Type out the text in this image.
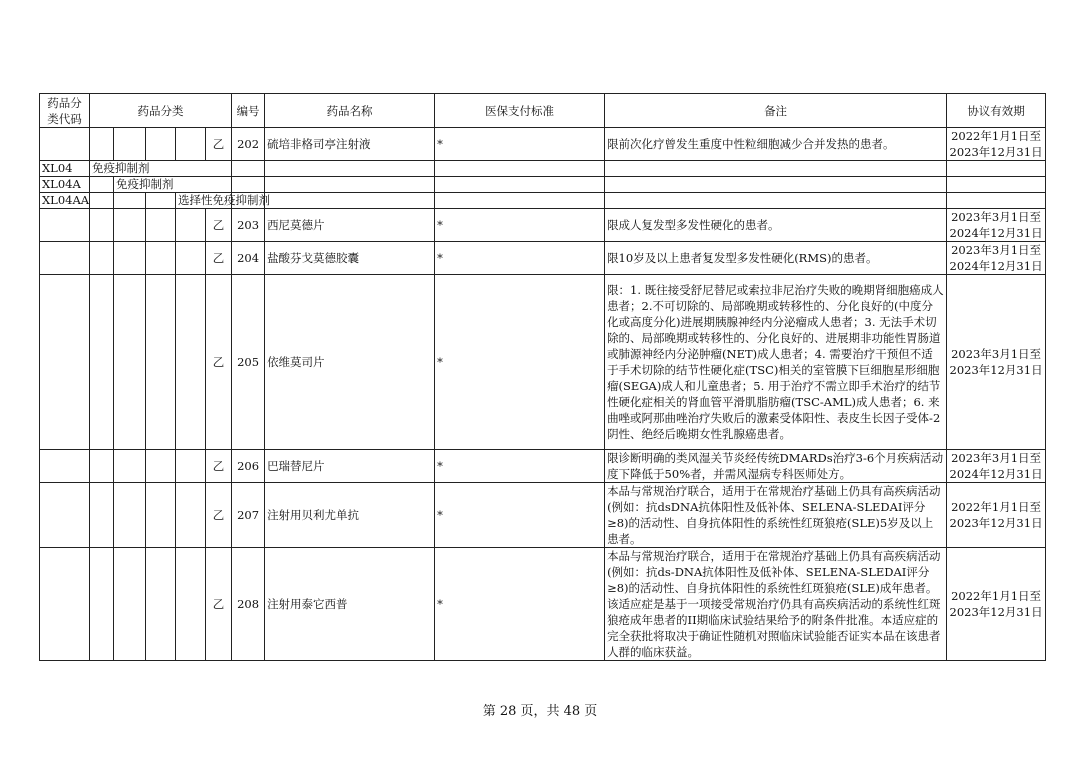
药品分类代码	药品分类					编号	药品名称	医保支付标准	备注	协议有效期
					乙	202	硫培非格司亭注射液	*	限前次化疗曾发生重度中性粒细胞减少合并发热的患者。	2022年1月1日至
2023年12月31日
XL04	免疫抑制剂									
XL04A		免疫抑制剂								
XL04AA				选择性免疫抑制剂						
					乙	203	西尼莫德片	*	限成人复发型多发性硬化的患者。	2023年3月1日至
2024年12月31日
					乙	204	盐酸芬戈莫德胶囊	*	限10岁及以上患者复发型多发性硬化(RMS)的患者。	2023年3月1日至
2024年12月31日
					乙	205	依维莫司片	*	限：1. 既往接受舒尼替尼或索拉非尼治疗失败的晚期肾细胞癌成人患者；2.不可切除的、局部晚期或转移性的、分化良好的(中度分化或高度分化)进展期胰腺神经内分泌瘤成人患者；3. 无法手术切除的、局部晚期或转移性的、分化良好的、进展期非功能性胃肠道或肺源神经内分泌肿瘤(NET)成人患者；4. 需要治疗干预但不适于手术切除的结节性硬化症(TSC)相关的室管膜下巨细胞星形细胞瘤(SEGA)成人和儿童患者；5. 用于治疗不需立即手术治疗的结节性硬化症相关的肾血管平滑肌脂肪瘤(TSC-AML)成人患者；6. 来曲唑或阿那曲唑治疗失败后的激素受体阳性、表皮生长因子受体-2阴性、绝经后晚期女性乳腺癌患者。	2023年3月1日至
2023年12月31日
					乙	206	巴瑞替尼片	*	限诊断明确的类风湿关节炎经传统DMARDs治疗3-6个月疾病活动度下降低于50%者，并需风湿病专科医师处方。	2023年3月1日至
2024年12月31日
					乙	207	注射用贝利尤单抗	*	本品与常规治疗联合，适用于在常规治疗基础上仍具有高疾病活动(例如：抗dsDNA抗体阳性及低补体、SELENA-SLEDAI评分≥8)的活动性、自身抗体阳性的系统性红斑狼疮(SLE)5岁及以上患者。	2022年1月1日至
2023年12月31日
					乙	208	注射用泰它西普	*	本品与常规治疗联合，适用于在常规治疗基础上仍具有高疾病活动(例如：抗ds-DNA抗体阳性及低补体、SELENA-SLEDAI评分≥8)的活动性、自身抗体阳性的系统性红斑狼疮(SLE)成年患者。该适应症是基于一项接受常规治疗仍具有高疾病活动的系统性红斑狼疮成年患者的II期临床试验结果给予的附条件批准。本适应症的完全获批将取决于确证性随机对照临床试验能否证实本品在该患者人群的临床获益。	2022年1月1日至
2023年12月31日
第 28 页，共 48 页
